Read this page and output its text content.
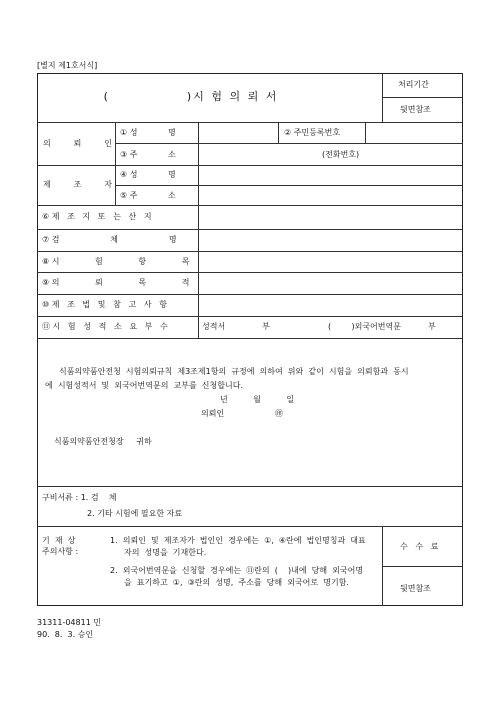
[별지 제1호서식]
(              )시 험 의 뢰 서
처리기간
뒷면참조
의         뢰         인
① 성            명	② 주민등록번호
③ 주            소	(전화번호)
제         조         자
④ 성            명
⑤ 주            소
⑥ 제   조   지   또   는   산   지
⑦ 검                    체                    명
⑧ 시              험              항              목
⑨ 의              뢰              목              적
⑩ 제   조   법   및   참   고   사   항
⑪ 시   험   성   적   소   요   부   수	성적서	부	(        )외국어번역문	부
식품의약품안전청  시험의뢰규칙  제3조제1항의  규정에  의하여  위와  같이  시험을  의뢰함과  동시
에  시험성적서  및  외국어번역문의  교부를  신청합니다.
년          월          일
의뢰인	㊞
식품의약품안전청장     귀하
구비서류 : 1. 검    체
2. 기타 시험에 필요한 자료
기  재  상
주의사항 :
1.  의뢰인  및  제조자가  법인인  경우에는  ①,  ④란에  법인명칭과  대표
자의  성명을  기재한다.
2.  외국어번역문을  신청할  경우에는  ⑪란의  (    )내에  당해  외국어명
을  표기하고  ①,  ③란의  성명,  주소를  당해  외국어로  명기함.
수   수   료
뒷면참조
31311-04811 민
90.  8.  3. 승인
